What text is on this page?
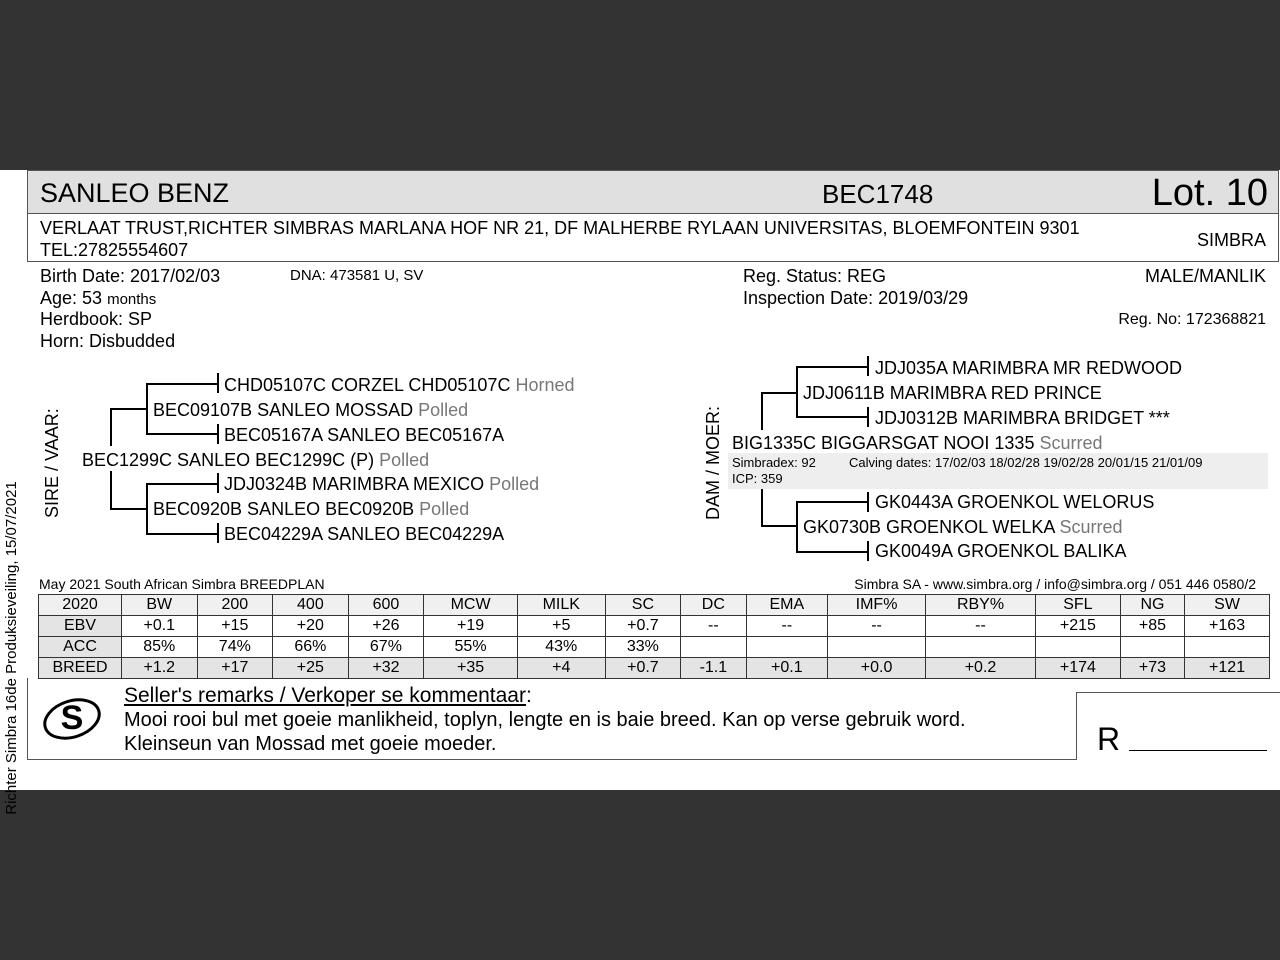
Richter Simbra 16de Produksieveiling, 15/07/2021
SANLEO BENZ	BEC1748	Lot. 10
VERLAAT TRUST,RICHTER SIMBRAS MARLANA HOF NR 21, DF MALHERBE RYLAAN UNIVERSITAS, BLOEMFONTEIN 9301
TEL:27825554607	SIMBRA
Birth Date: 2017/02/03	DNA: 473581 U, SV
Age: 53 months
Herdbook: SP
Horn: Disbudded
Reg. Status: REG
Inspection Date: 2019/03/29
MALE/MANLIK
Reg. No: 172368821
SIRE / VAAR:
CHD05107C CORZEL CHD05107C Horned
BEC09107B SANLEO MOSSAD Polled
BEC05167A SANLEO BEC05167A
BEC1299C SANLEO BEC1299C (P) Polled
JDJ0324B MARIMBRA MEXICO Polled
BEC0920B SANLEO BEC0920B Polled
BEC04229A SANLEO BEC04229A
DAM / MOER:
JDJ035A MARIMBRA MR REDWOOD
JDJ0611B MARIMBRA RED PRINCE
JDJ0312B MARIMBRA BRIDGET ***
BIG1335C BIGGARSGAT NOOI 1335 Scurred
Simbradex: 92	Calving dates: 17/02/03 18/02/28 19/02/28 20/01/15 21/01/09
ICP: 359
GK0443A GROENKOL WELORUS
GK0730B GROENKOL WELKA Scurred
GK0049A GROENKOL BALIKA
May 2021 South African Simbra BREEDPLAN	Simbra SA - www.simbra.org / info@simbra.org / 051 446 0580/2
2020	BW	200	400	600	MCW	MILK	SC	DC	EMA	IMF%	RBY%	SFL	NG	SW
EBV	+0.1	+15	+20	+26	+19	+5	+0.7	--	--	--	--	+215	+85	+163
ACC	85%	74%	66%	67%	55%	43%	33%							
BREED	+1.2	+17	+25	+32	+35	+4	+0.7	-1.1	+0.1	+0.0	+0.2	+174	+73	+121
S
Seller's remarks / Verkoper se kommentaar:
Mooi rooi bul met goeie manlikheid, toplyn, lengte en is baie breed. Kan op verse gebruik word.
Kleinseun van Mossad met goeie moeder.	R
